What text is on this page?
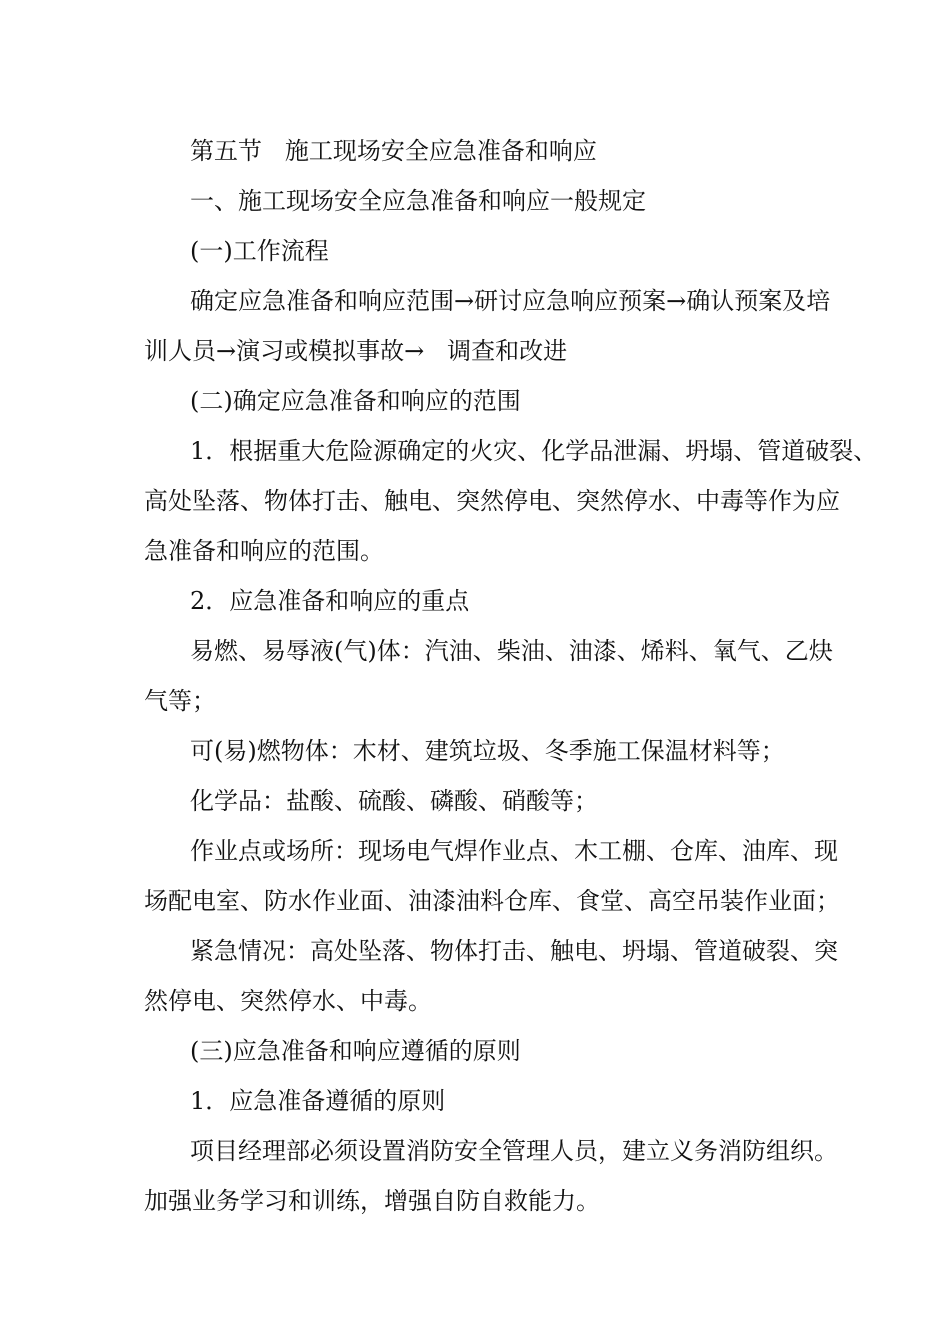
第五节   施工现场安全应急准备和响应
一、施工现场安全应急准备和响应一般规定
(一)工作流程
确定应急准备和响应范围→研讨应急响应预案→确认预案及培
训人员→演习或模拟事故→   调查和改进
(二)确定应急准备和响应的范围
1．根据重大危险源确定的火灾、化学品泄漏、坍塌、管道破裂、
高处坠落、物体打击、触电、突然停电、突然停水、中毒等作为应
急准备和响应的范围。
2．应急准备和响应的重点
易燃、易辱液(气)体：汽油、柴油、油漆、烯料、氧气、乙炔
气等；
可(易)燃物体：木材、建筑垃圾、冬季施工保温材料等；
化学品：盐酸、硫酸、磷酸、硝酸等；
作业点或场所：现场电气焊作业点、木工棚、仓库、油库、现
场配电室、防水作业面、油漆油料仓库、食堂、高空吊装作业面；
紧急情况：高处坠落、物体打击、触电、坍塌、管道破裂、突
然停电、突然停水、中毒。
(三)应急准备和响应遵循的原则
1．应急准备遵循的原则
项目经理部必须设置消防安全管理人员，建立义务消防组织。
加强业务学习和训练，增强自防自救能力。
